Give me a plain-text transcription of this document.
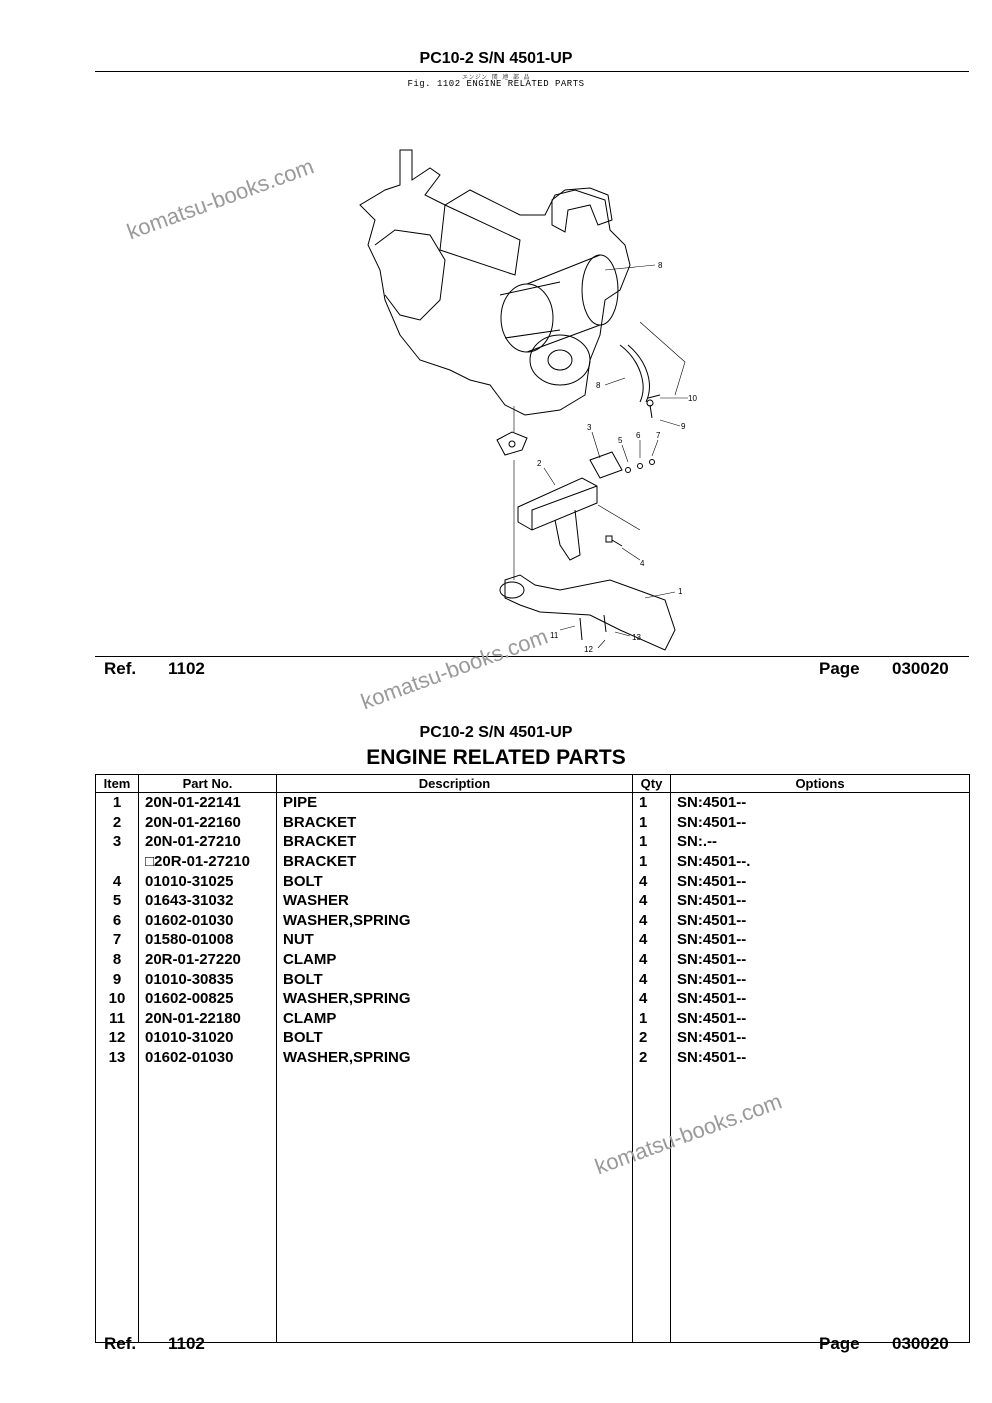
PC10-2 S/N 4501-UP
エンジン 関 連 部 品
Fig. 1102 ENGINE RELATED PARTS
8
8
10
9
3
2
5
6 7
4
1
11
12
13
Ref. 1102	Page 030020
PC10-2 S/N 4501-UP
ENGINE RELATED PARTS
Item	Part No.	Description	Qty	Options
1	20N-01-22141	PIPE	1	SN:4501--
2	20N-01-22160	BRACKET	1	SN:4501--
3	20N-01-27210	BRACKET	1	SN:.--
	□20R-01-27210	BRACKET	1	SN:4501--.
4	01010-31025	BOLT	4	SN:4501--
5	01643-31032	WASHER	4	SN:4501--
6	01602-01030	WASHER,SPRING	4	SN:4501--
7	01580-01008	NUT	4	SN:4501--
8	20R-01-27220	CLAMP	4	SN:4501--
9	01010-30835	BOLT	4	SN:4501--
10	01602-00825	WASHER,SPRING	4	SN:4501--
11	20N-01-22180	CLAMP	1	SN:4501--
12	01010-31020	BOLT	2	SN:4501--
13	01602-01030	WASHER,SPRING	2	SN:4501--

Ref. 1102	Page 030020
komatsu-books.com
komatsu-books.com
komatsu-books.com
